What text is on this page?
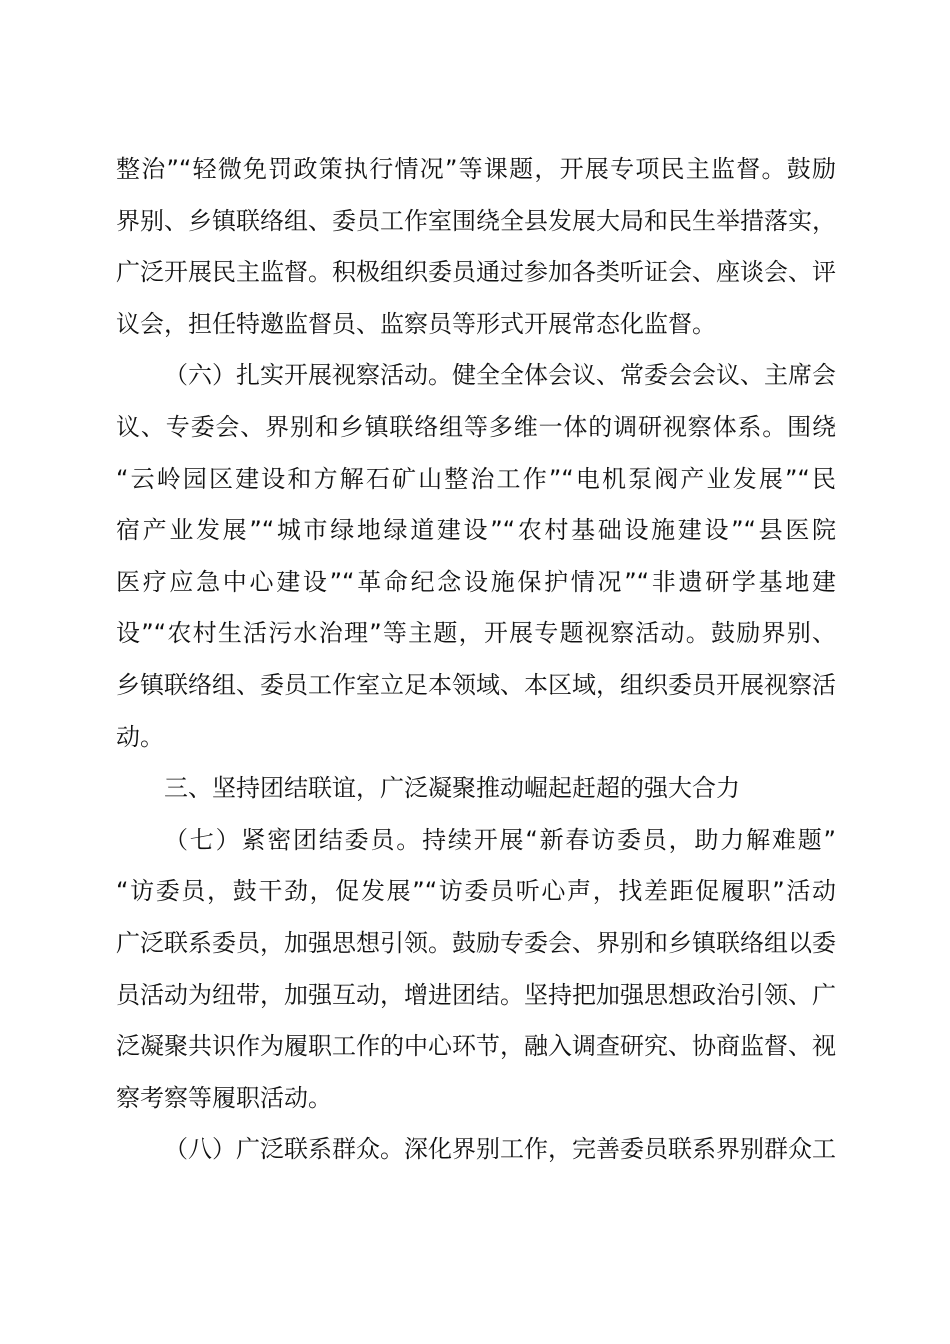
整治”“轻微免罚政策执行情况”等课题，开展专项民主监督。鼓励
界别、乡镇联络组、委员工作室围绕全县发展大局和民生举措落实，
广泛开展民主监督。积极组织委员通过参加各类听证会、座谈会、评
议会，担任特邀监督员、监察员等形式开展常态化监督。
（六）扎实开展视察活动。健全全体会议、常委会会议、主席会
议、专委会、界别和乡镇联络组等多维一体的调研视察体系。围绕
“云岭园区建设和方解石矿山整治工作”“电机泵阀产业发展”“民
宿产业发展”“城市绿地绿道建设”“农村基础设施建设”“县医院
医疗应急中心建设”“革命纪念设施保护情况”“非遗研学基地建
设”“农村生活污水治理”等主题，开展专题视察活动。鼓励界别、
乡镇联络组、委员工作室立足本领域、本区域，组织委员开展视察活
动。
三、坚持团结联谊，广泛凝聚推动崛起赶超的强大合力
（七）紧密团结委员。持续开展“新春访委员，助力解难题”
“访委员，鼓干劲，促发展”“访委员听心声，找差距促履职”活动
广泛联系委员，加强思想引领。鼓励专委会、界别和乡镇联络组以委
员活动为纽带，加强互动，增进团结。坚持把加强思想政治引领、广
泛凝聚共识作为履职工作的中心环节，融入调查研究、协商监督、视
察考察等履职活动。
（八）广泛联系群众。深化界别工作，完善委员联系界别群众工
